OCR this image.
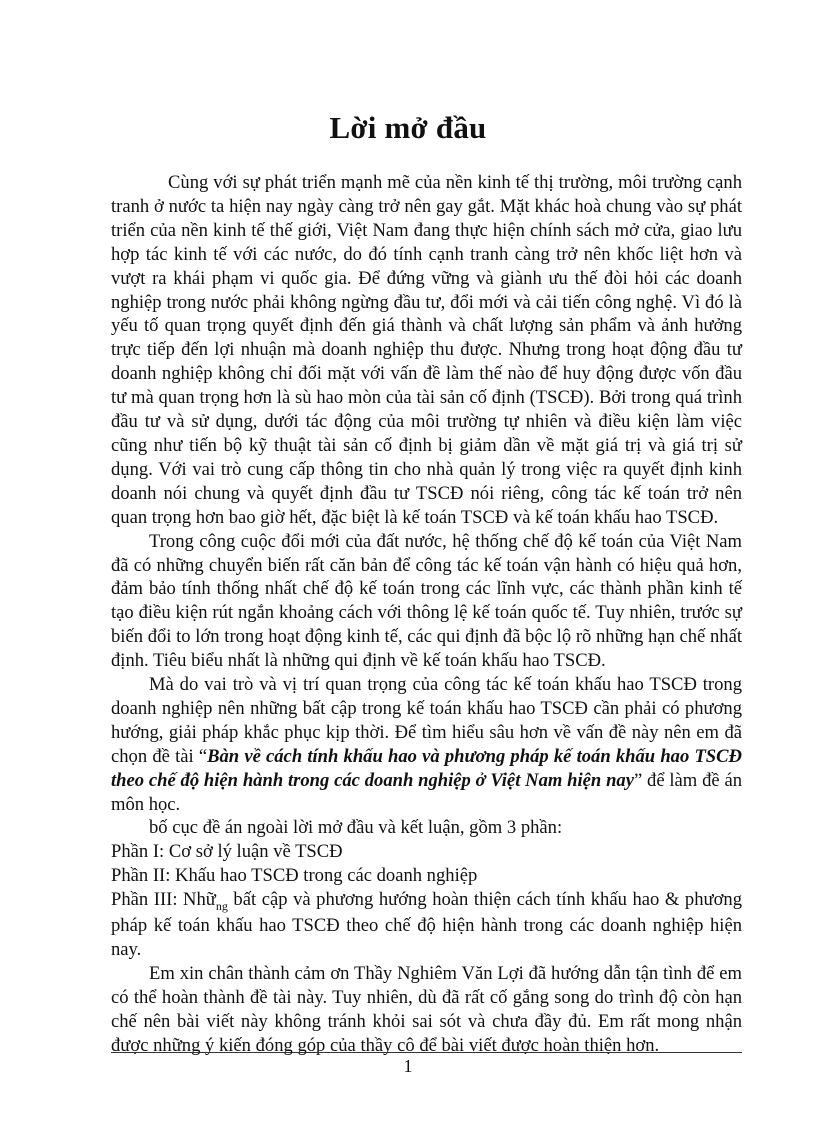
Lời mở đầu

Cùng với sự phát triển mạnh mẽ của nền kinh tế thị trường, môi trường cạnh tranh ở nước ta hiện nay ngày càng trở nên gay gắt. Mặt khác hoà chung vào sự phát triển của nền kinh tế thế giới, Việt Nam đang thực hiện chính sách mở cửa, giao lưu hợp tác kinh tế với các nước, do đó tính cạnh tranh càng trở nên khốc liệt hơn và vượt ra khái phạm vi quốc gia. Để đứng vững và giành ưu thế đòi hỏi các doanh nghiệp trong nước phải không ngừng đầu tư, đổi mới và cải tiến công nghệ. Vì đó là yếu tố quan trọng quyết định đến giá thành và chất lượng sản phẩm và ảnh hưởng trực tiếp đến lợi nhuận mà doanh nghiệp thu được. Nhưng trong hoạt động đầu tư doanh nghiệp không chỉ đối mặt với vấn đề làm thế nào để huy động được vốn đầu tư mà quan trọng hơn là sù hao mòn của tài sản cố định (TSCĐ). Bởi trong quá trình đầu tư và sử dụng, dưới tác động của môi trường tự nhiên và điều kiện làm việc cũng như tiến bộ kỹ thuật tài sản cố định bị giảm dần về mặt giá trị và giá trị sử dụng. Với vai trò cung cấp thông tin cho nhà quản lý trong việc ra quyết định kinh doanh nói chung và quyết định đầu tư TSCĐ nói riêng, công tác kế toán trở nên quan trọng hơn bao giờ hết, đặc biệt là kế toán TSCĐ và kế toán khấu hao TSCĐ.

Trong công cuộc đổi mới của đất nước, hệ thống chế độ kế toán của Việt Nam đã có những chuyển biến rất căn bản để công tác kế toán vận hành có hiệu quả hơn, đảm bảo tính thống nhất chế độ kế toán trong các lĩnh vực, các thành phần kinh tế tạo điều kiện rút ngắn khoảng cách với thông lệ kế toán quốc tế. Tuy nhiên, trước sự biến đổi to lớn trong hoạt động kinh tế, các qui định đã bộc lộ rõ những hạn chế nhất định. Tiêu biểu nhất là những qui định về kế toán khấu hao TSCĐ.

Mà do vai trò và vị trí quan trọng của công tác kế toán khấu hao TSCĐ trong doanh nghiệp nên những bất cập trong kế toán khấu hao TSCĐ cần phải có phương hướng, giải pháp khắc phục kịp thời. Để tìm hiểu sâu hơn về vấn đề này nên em đã chọn đề tài “Bàn về cách tính khấu hao và phương pháp kế toán khấu hao TSCĐ theo chế độ hiện hành trong các doanh nghiệp ở Việt Nam hiện nay” để làm đề án môn học.

bố cục đề án ngoài lời mở đầu và kết luận, gồm 3 phần:

Phần I: Cơ sở lý luận về TSCĐ

Phần II: Khấu hao TSCĐ trong các doanh nghiệp

Phần III: Nhữ$_{ng}$ bất cập và phương hướng hoàn thiện cách tính khấu hao & phương pháp kế toán khấu hao TSCĐ theo chế độ hiện hành trong các doanh nghiệp hiện nay.

Em xin chân thành cảm ơn Thầy Nghiêm Văn Lợi đã hướng dẫn tận tình để em có thể hoàn thành đề tài này. Tuy nhiên, dù đã rất cố gắng song do trình độ còn hạn chế nên bài viết này không tránh khỏi sai sót và chưa đầy đủ. Em rất mong nhận được những ý kiến đóng góp của thầy cô để bài viết được hoàn thiện hơn.

1
